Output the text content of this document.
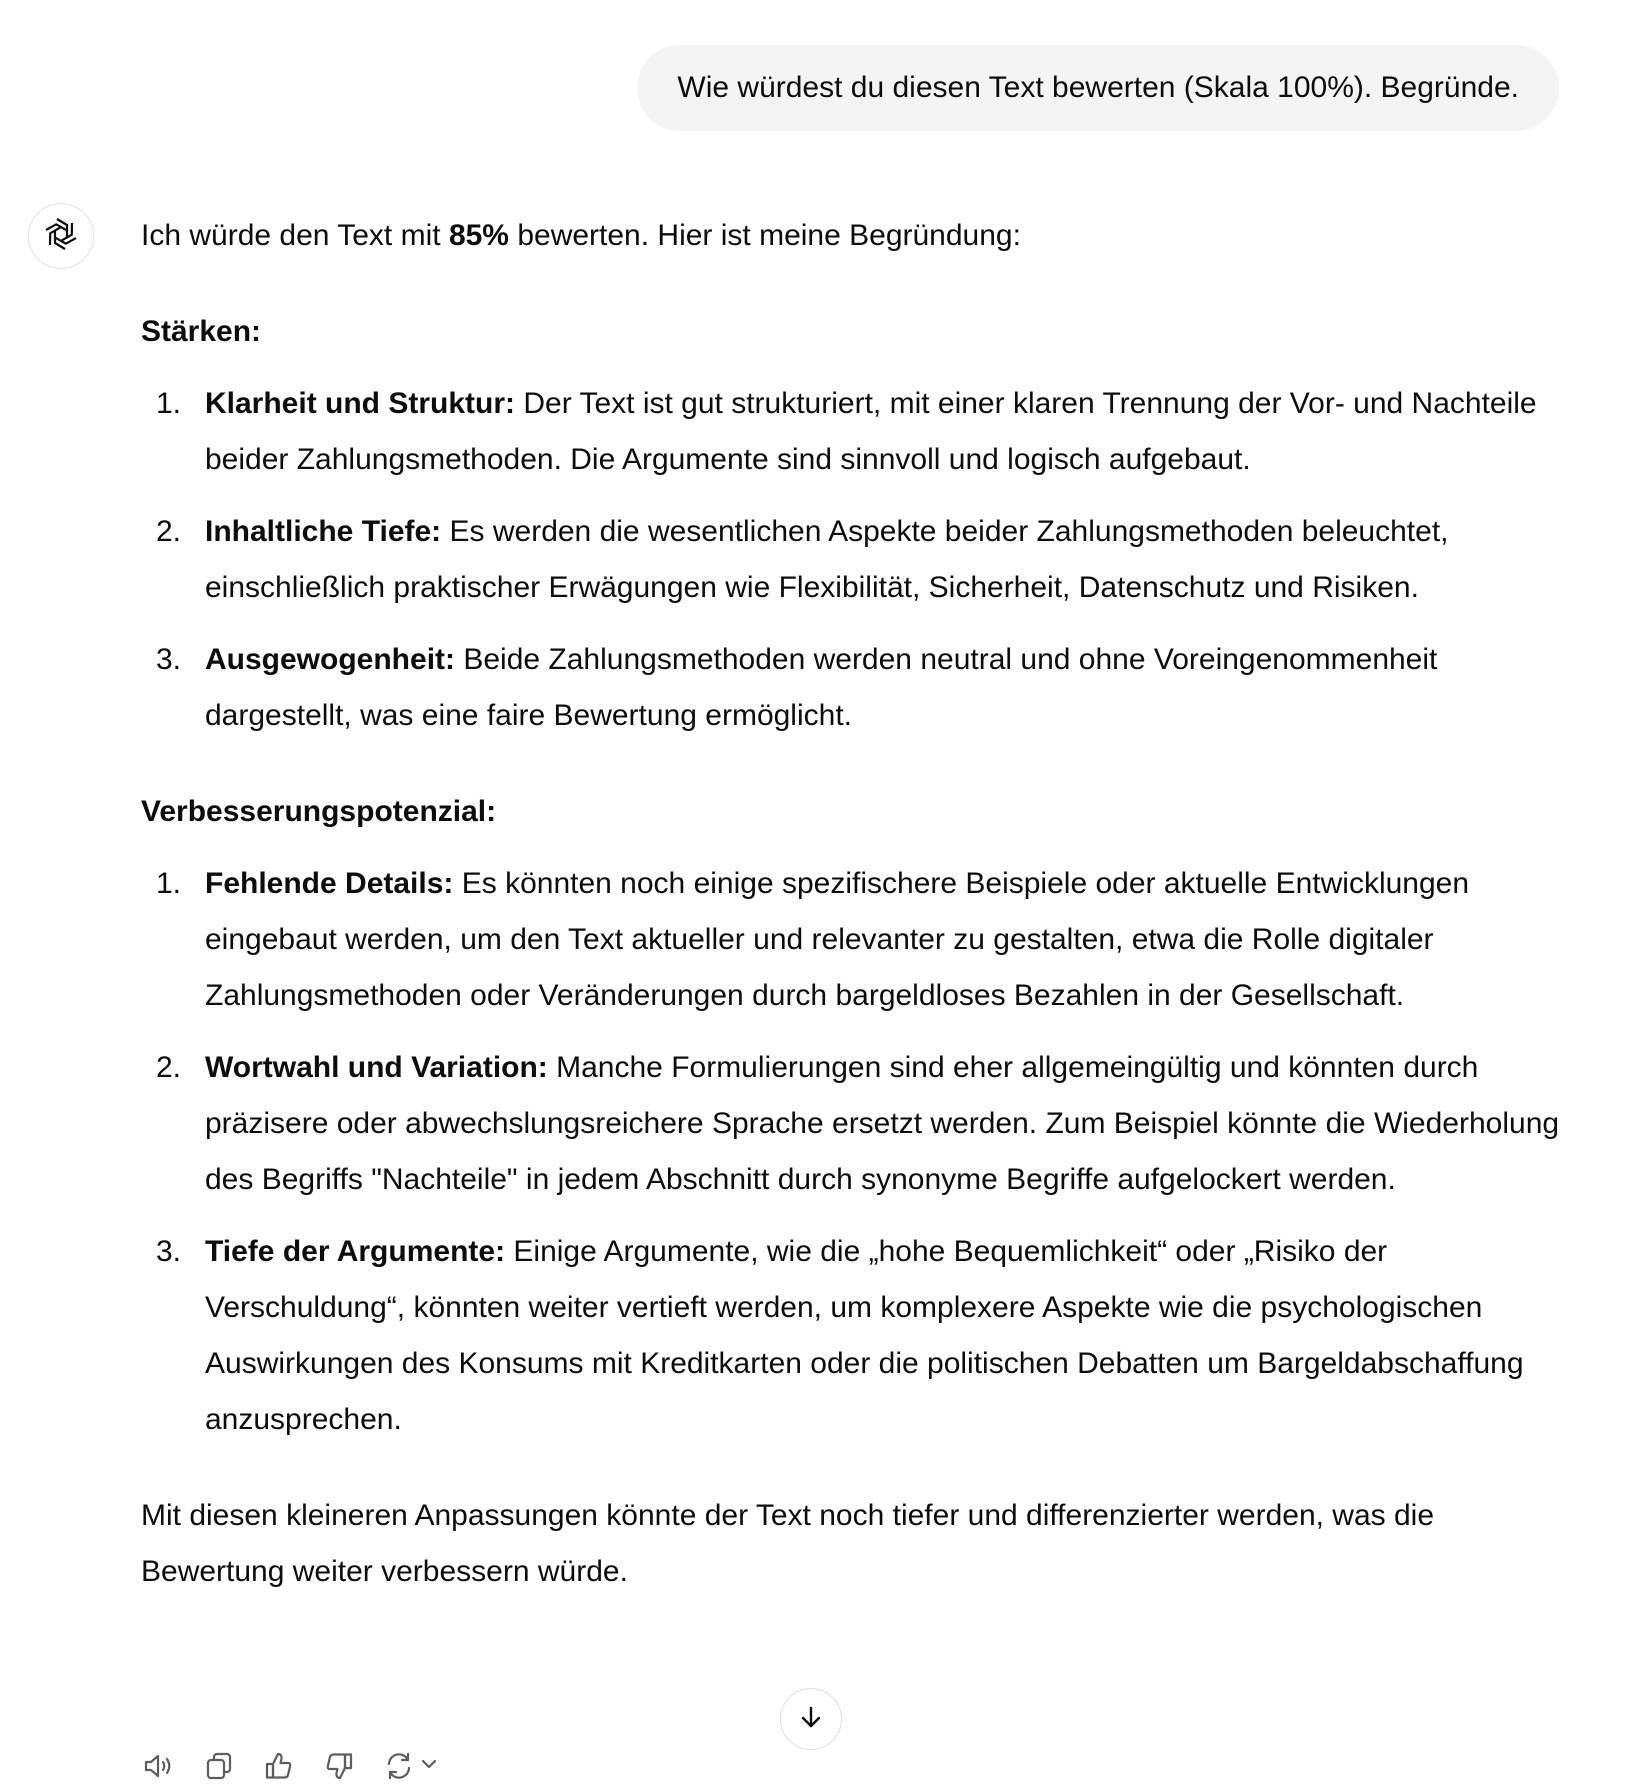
Wie würdest du diesen Text bewerten (Skala 100%). Begründe.

Ich würde den Text mit 85% bewerten. Hier ist meine Begründung:

Stärken:

1. Klarheit und Struktur: Der Text ist gut strukturiert, mit einer klaren Trennung der Vor- und Nachteile beider Zahlungsmethoden. Die Argumente sind sinnvoll und logisch aufgebaut.
2. Inhaltliche Tiefe: Es werden die wesentlichen Aspekte beider Zahlungsmethoden beleuchtet, einschließlich praktischer Erwägungen wie Flexibilität, Sicherheit, Datenschutz und Risiken.
3. Ausgewogenheit: Beide Zahlungsmethoden werden neutral und ohne Voreingenommenheit dargestellt, was eine faire Bewertung ermöglicht.

Verbesserungspotenzial:

1. Fehlende Details: Es könnten noch einige spezifischere Beispiele oder aktuelle Entwicklungen eingebaut werden, um den Text aktueller und relevanter zu gestalten, etwa die Rolle digitaler Zahlungsmethoden oder Veränderungen durch bargeldloses Bezahlen in der Gesellschaft.
2. Wortwahl und Variation: Manche Formulierungen sind eher allgemeingültig und könnten durch präzisere oder abwechslungsreichere Sprache ersetzt werden. Zum Beispiel könnte die Wiederholung des Begriffs "Nachteile" in jedem Abschnitt durch synonyme Begriffe aufgelockert werden.
3. Tiefe der Argumente: Einige Argumente, wie die „hohe Bequemlichkeit“ oder „Risiko der Verschuldung“, könnten weiter vertieft werden, um komplexere Aspekte wie die psychologischen Auswirkungen des Konsums mit Kreditkarten oder die politischen Debatten um Bargeldabschaffung anzusprechen.

Mit diesen kleineren Anpassungen könnte der Text noch tiefer und differenzierter werden, was die Bewertung weiter verbessern würde.
